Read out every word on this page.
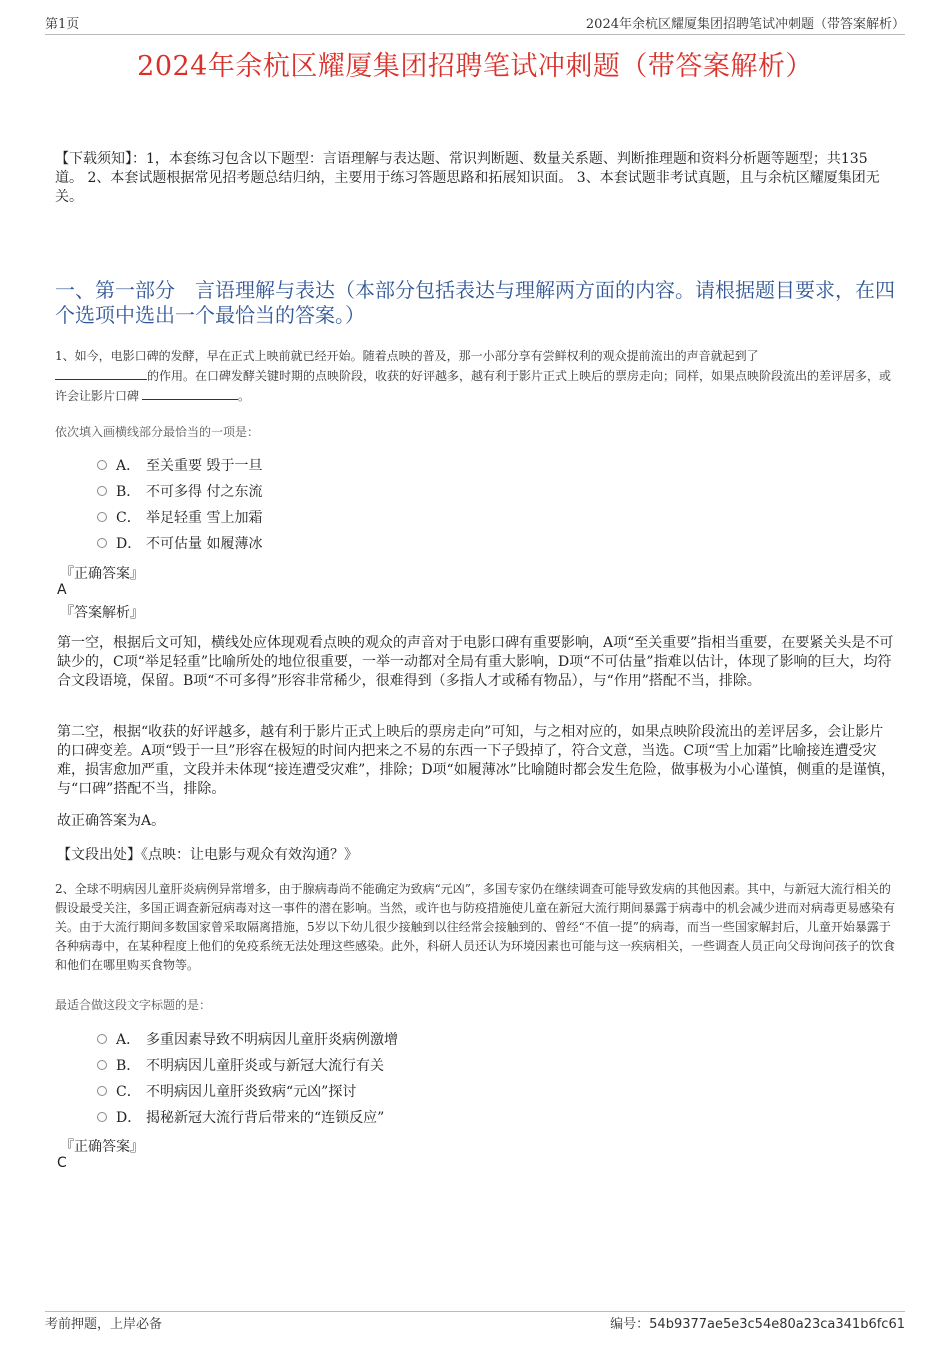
第1页	2024年余杭区耀厦集团招聘笔试冲刺题（带答案解析）
2024年余杭区耀厦集团招聘笔试冲刺题（带答案解析）
【下载须知】：1，本套练习包含以下题型：言语理解与表达题、常识判断题、数量关系题、判断推理题和资料分析题等题型；共135道。 2、本套试题根据常见招考题总结归纳，主要用于练习答题思路和拓展知识面。 3、本套试题非考试真题，且与余杭区耀厦集团无关。
一、第一部分　言语理解与表达（本部分包括表达与理解两方面的内容。请根据题目要求，在四个选项中选出一个最恰当的答案。）
1、如今，电影口碑的发酵，早在正式上映前就已经开始。随着点映的普及，那一小部分享有尝鲜权利的观众提前流出的声音就起到了
的作用。在口碑发酵关键时期的点映阶段，收获的好评越多，越有利于影片正式上映后的票房走向；同样，如果点映阶段流出的差评居多，或许会让影片口碑	。
依次填入画横线部分最恰当的一项是：
A． 至关重要 毁于一旦
B． 不可多得 付之东流
C． 举足轻重 雪上加霜
D． 不可估量 如履薄冰
『正确答案』
A
『答案解析』
第一空，根据后文可知，横线处应体现观看点映的观众的声音对于电影口碑有重要影响，A项“至关重要”指相当重要，在要紧关头是不可缺少的，C项“举足轻重”比喻所处的地位很重要，一举一动都对全局有重大影响，D项“不可估量”指难以估计，体现了影响的巨大，均符合文段语境，保留。B项“不可多得”形容非常稀少，很难得到（多指人才或稀有物品），与“作用”搭配不当，排除。
第二空，根据“收获的好评越多，越有利于影片正式上映后的票房走向”可知，与之相对应的，如果点映阶段流出的差评居多，会让影片的口碑变差。A项“毁于一旦”形容在极短的时间内把来之不易的东西一下子毁掉了，符合文意，当选。C项“雪上加霜”比喻接连遭受灾难，损害愈加严重，文段并未体现“接连遭受灾难”，排除；D项“如履薄冰”比喻随时都会发生危险，做事极为小心谨慎，侧重的是谨慎，与“口碑”搭配不当，排除。
故正确答案为A。
【文段出处】《点映：让电影与观众有效沟通？》
2、全球不明病因儿童肝炎病例异常增多，由于腺病毒尚不能确定为致病“元凶”，多国专家仍在继续调查可能导致发病的其他因素。其中，与新冠大流行相关的假设最受关注，多国正调查新冠病毒对这一事件的潜在影响。当然，或许也与防疫措施使儿童在新冠大流行期间暴露于病毒中的机会减少进而对病毒更易感染有关。由于大流行期间多数国家曾采取隔离措施，5岁以下幼儿很少接触到以往经常会接触到的、曾经“不值一提”的病毒，而当一些国家解封后，儿童开始暴露于各种病毒中，在某种程度上他们的免疫系统无法处理这些感染。此外，科研人员还认为环境因素也可能与这一疾病相关，一些调查人员正向父母询问孩子的饮食和他们在哪里购买食物等。
最适合做这段文字标题的是：
A． 多重因素导致不明病因儿童肝炎病例激增
B． 不明病因儿童肝炎或与新冠大流行有关
C． 不明病因儿童肝炎致病“元凶”探讨
D． 揭秘新冠大流行背后带来的“连锁反应”
『正确答案』
C
考前押题，上岸必备	编号：54b9377ae5e3c54e80a23ca341b6fc61
